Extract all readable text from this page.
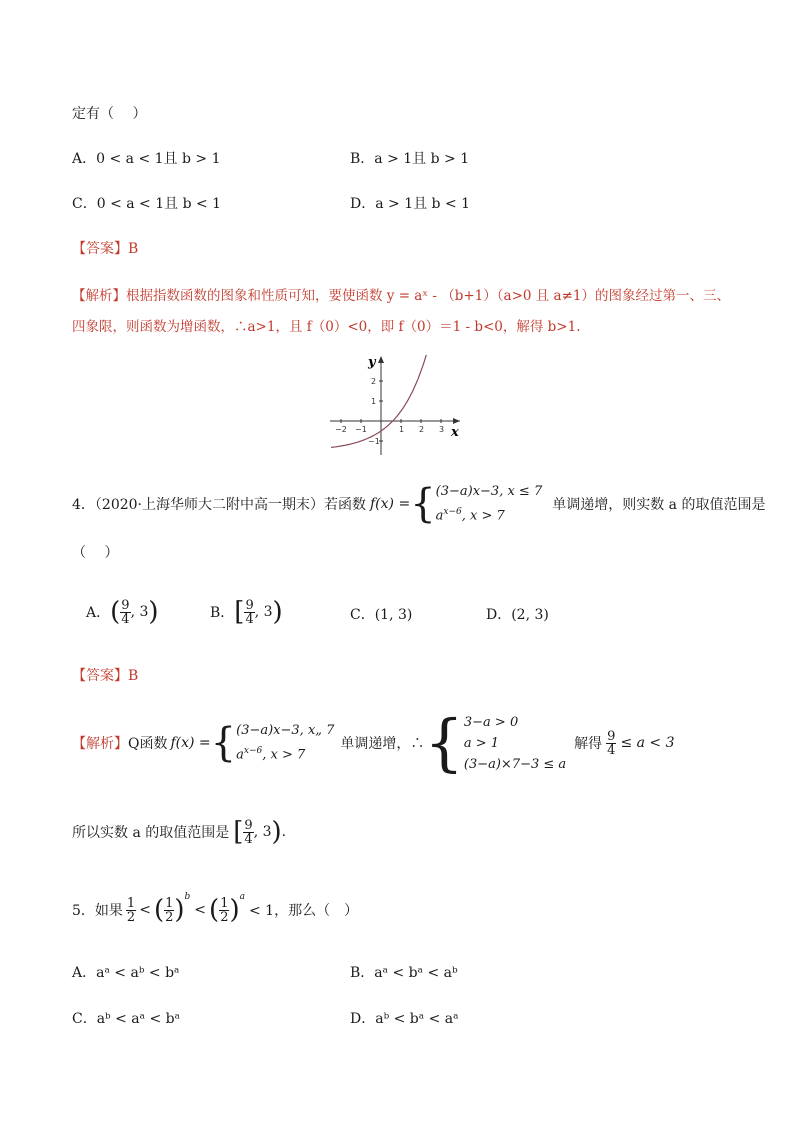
定有（　 ）
A．0 < a < 1且 b > 1	B．a > 1且 b > 1
C．0 < a < 1且 b < 1	D．a > 1且 b < 1
【答案】B
【解析】根据指数函数的图象和性质可知，要使函数 y = aˣ - （b+1）（a>0 且 a≠1）的图象经过第一、三、
四象限，则函数为增函数，∴a>1，且 f（0）<0，即 f（0）＝1 - b<0，解得 b>1.
y
x
−2 −1	1 2 3
2
1
−1
4．（2020·上海华师大二附中高一期末）若函数 f(x) = { (3−a)x−3, x ≤ 7
$a^{x-6}$, x > 7
单调递增，则实数 a 的取值范围是
（　 ）
A． ( $\frac{9}{4}$ , 3 )	B． [ $\frac{9}{4}$ , 3 )	C．(1, 3)	D．(2, 3)
【答案】B
【解析】 Q函数 f(x) = { (3−a)x−3, x„ 7
$a^{x-6}$, x > 7
单调递增，∴ { 3−a > 0
a > 1
(3−a)×7−3 ≤ a
解得 $\frac{9}{4} \le a < 3$
所以实数 a 的取值范围是 [ $\frac{9}{4}$ , 3 ) .
5．如果 $\frac{1}{2}$ < ( $\frac{1}{2} )^b$
< ( $\frac{1}{2} )^a$
< 1，那么（　）
A．aᵃ < aᵇ < bᵃ	B．aᵃ < bᵃ < aᵇ
C．aᵇ < aᵃ < bᵃ	D．aᵇ < bᵃ < aᵃ
